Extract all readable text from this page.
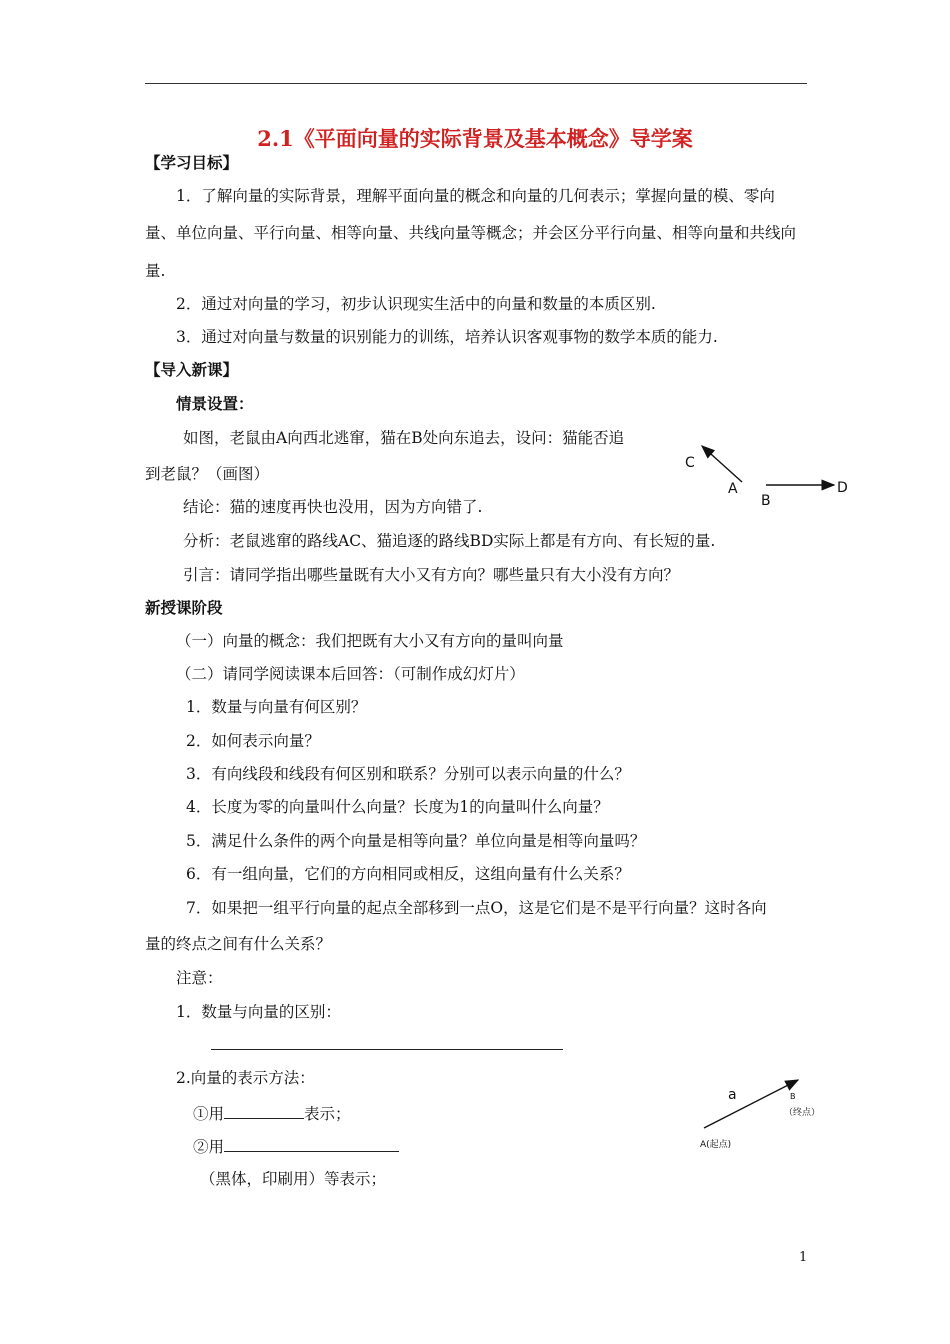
2.1《平面向量的实际背景及基本概念》导学案
【学习目标】
1．了解向量的实际背景，理解平面向量的概念和向量的几何表示；掌握向量的模、零向
量、单位向量、平行向量、相等向量、共线向量等概念；并会区分平行向量、相等向量和共线向
量.
2．通过对向量的学习，初步认识现实生活中的向量和数量的本质区别.
3．通过对向量与数量的识别能力的训练，培养认识客观事物的数学本质的能力.
【导入新课】
情景设置：
如图，老鼠由A向西北逃窜，猫在B处向东追去，设问：猫能否追
到老鼠？（画图）
结论：猫的速度再快也没用，因为方向错了.
分析：老鼠逃窜的路线AC、猫追逐的路线BD实际上都是有方向、有长短的量.
引言：请同学指出哪些量既有大小又有方向？哪些量只有大小没有方向？
C
A
B
D
新授课阶段
（一）向量的概念：我们把既有大小又有方向的量叫向量
（二）请同学阅读课本后回答：（可制作成幻灯片）
1．数量与向量有何区别？
2．如何表示向量？
3．有向线段和线段有何区别和联系？分别可以表示向量的什么？
4．长度为零的向量叫什么向量？长度为1的向量叫什么向量？
5．满足什么条件的两个向量是相等向量？单位向量是相等向量吗？
6．有一组向量，它们的方向相同或相反，这组向量有什么关系？
7．如果把一组平行向量的起点全部移到一点O，这是它们是不是平行向量？这时各向
量的终点之间有什么关系？
注意：
1．数量与向量的区别：
2.向量的表示方法：
①用	表示；
②用
（黑体，印刷用）等表示；
a	B
（终点）
A(起点)
1
